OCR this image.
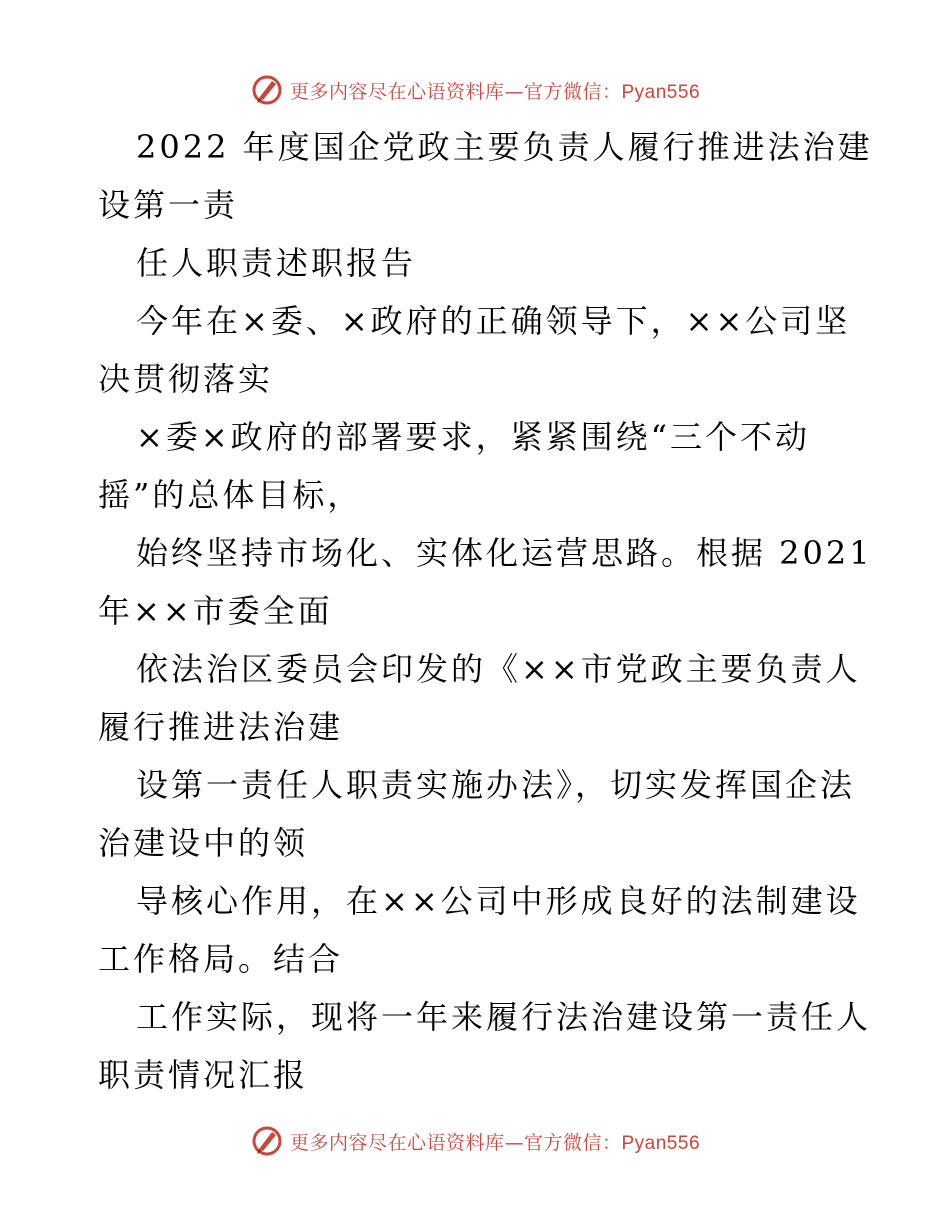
更多内容尽在心语资料库—官方微信：Pyan556
2022 年度国企党政主要负责人履行推进法治建
设第一责
任人职责述职报告
今年在×委、×政府的正确领导下，××公司坚
决贯彻落实
×委×政府的部署要求，紧紧围绕“三个不动
摇”的总体目标，
始终坚持市场化、实体化运营思路。根据 2021
年××市委全面
依法治区委员会印发的《××市党政主要负责人
履行推进法治建
设第一责任人职责实施办法》，切实发挥国企法
治建设中的领
导核心作用，在××公司中形成良好的法制建设
工作格局。结合
工作实际，现将一年来履行法治建设第一责任人
职责情况汇报
更多内容尽在心语资料库—官方微信：Pyan556
